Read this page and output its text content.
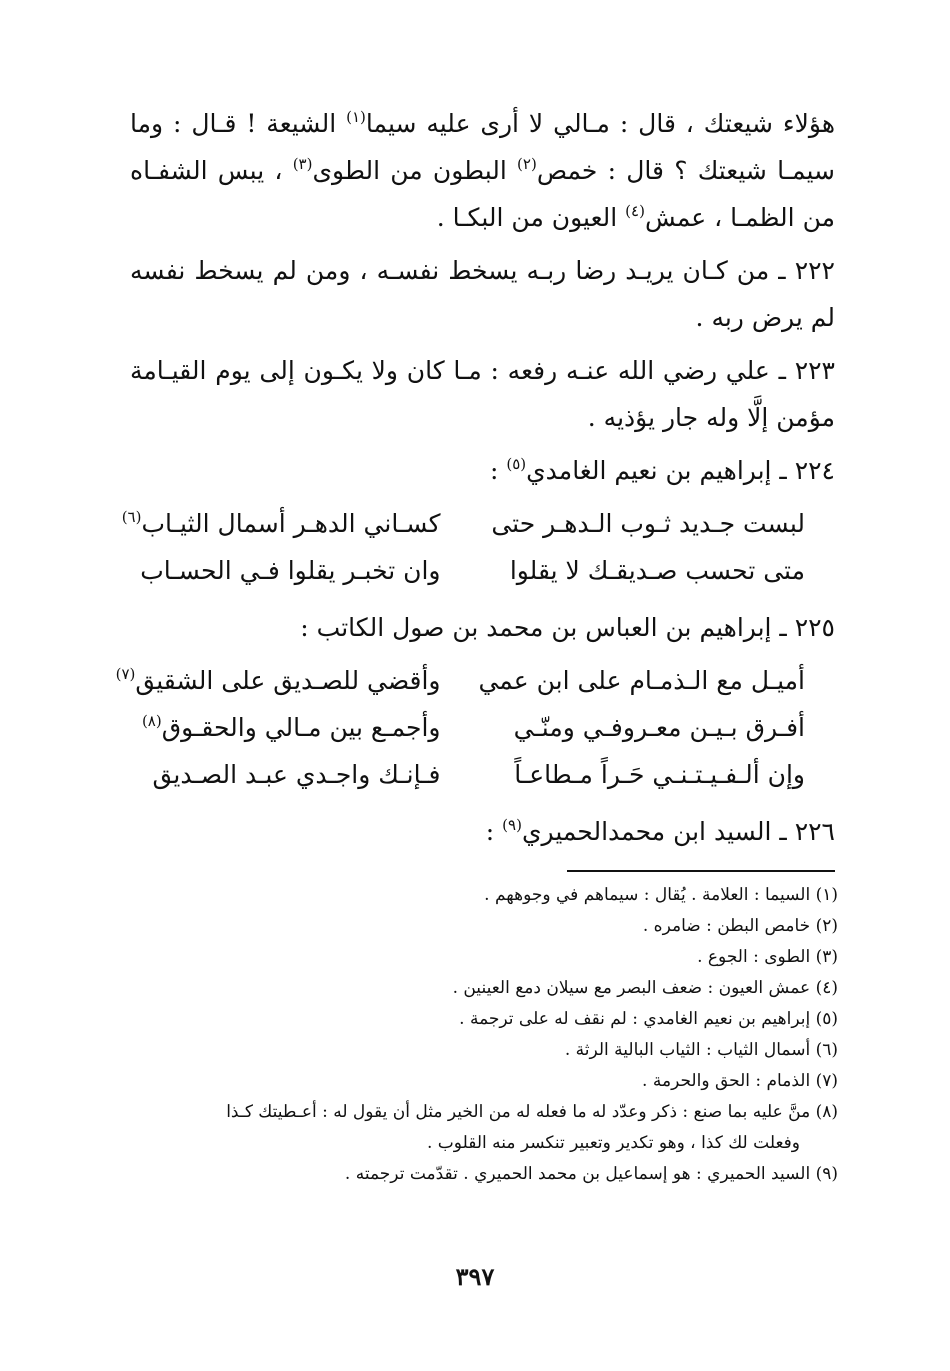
هؤلاء شيعتك ، قال : مـالي لا أرى عليه سيما$^{(١)}$ الشيعة ! قـال : وما سيمـا شيعتك ؟ قال : خمص$^{(٢)}$ البطون من الطوى$^{(٣)}$ ، يبس الشفـاه من الظمـا ، عمش$^{(٤)}$ العيون من البكـا .

٢٢٢ ـ من كـان يريـد رضا ربـه يسخط نفسـه ، ومن لم يسخط نفسه لم يرض ربه .

٢٢٣ ـ علي رضي الله عنـه رفعه : مـا كان ولا يكـون إلى يوم القيـامة مؤمن إلَّا وله جار يؤذيه .

٢٢٤ ـ إبراهيم بن نعيم الغامدي$^{(٥)}$ :

لبست جـديد ثـوب الـدهـر حتى
كسـاني الدهـر أسمال الثيـاب$^{(٦)}$
متى تحسب صـديقـك لا يقلوا
وان تخبـر يقلوا فـي الحسـاب

٢٢٥ ـ إبراهيم بن العباس بن محمد بن صول الكاتب :

أميـل مع الـذمـام على ابن عمي
وأقضي للصـديق على الشقيق$^{(٧)}$
أفـرق بـيـن معـروفـي ومنّـي
وأجمـع بين مـالي والحقـوق$^{(٨)}$
وإن ألـفـيـتـنـي حَـراً مـطاعـاً
فـإنـك واجـدي عبـد الصـديق

٢٢٦ ـ السيد ابن محمدالحميري$^{(٩)}$ :

(١) السيما : العلامة . يُقال : سيماهم في وجوههم .

(٢) خامص البطن : ضامره .

(٣) الطوى : الجوع .

(٤) عمش العيون : ضعف البصر مع سيلان دمع العينين .

(٥) إبراهيم بن نعيم الغامدي : لم نقف له على ترجمة .

(٦) أسمال الثياب : الثياب البالية الرثة .

(٧) الذمام : الحق والحرمة .

(٨) منَّ عليه بما صنع : ذكر وعدّد له ما فعله له من الخير مثل أن يقول له : أعـطيتك كـذا

وفعلت لك كذا ، وهو تكدير وتعبير تنكسر منه القلوب .

(٩) السيد الحميري : هو إسماعيل بن محمد الحميري . تقدّمت ترجمته .

٣٩٧
